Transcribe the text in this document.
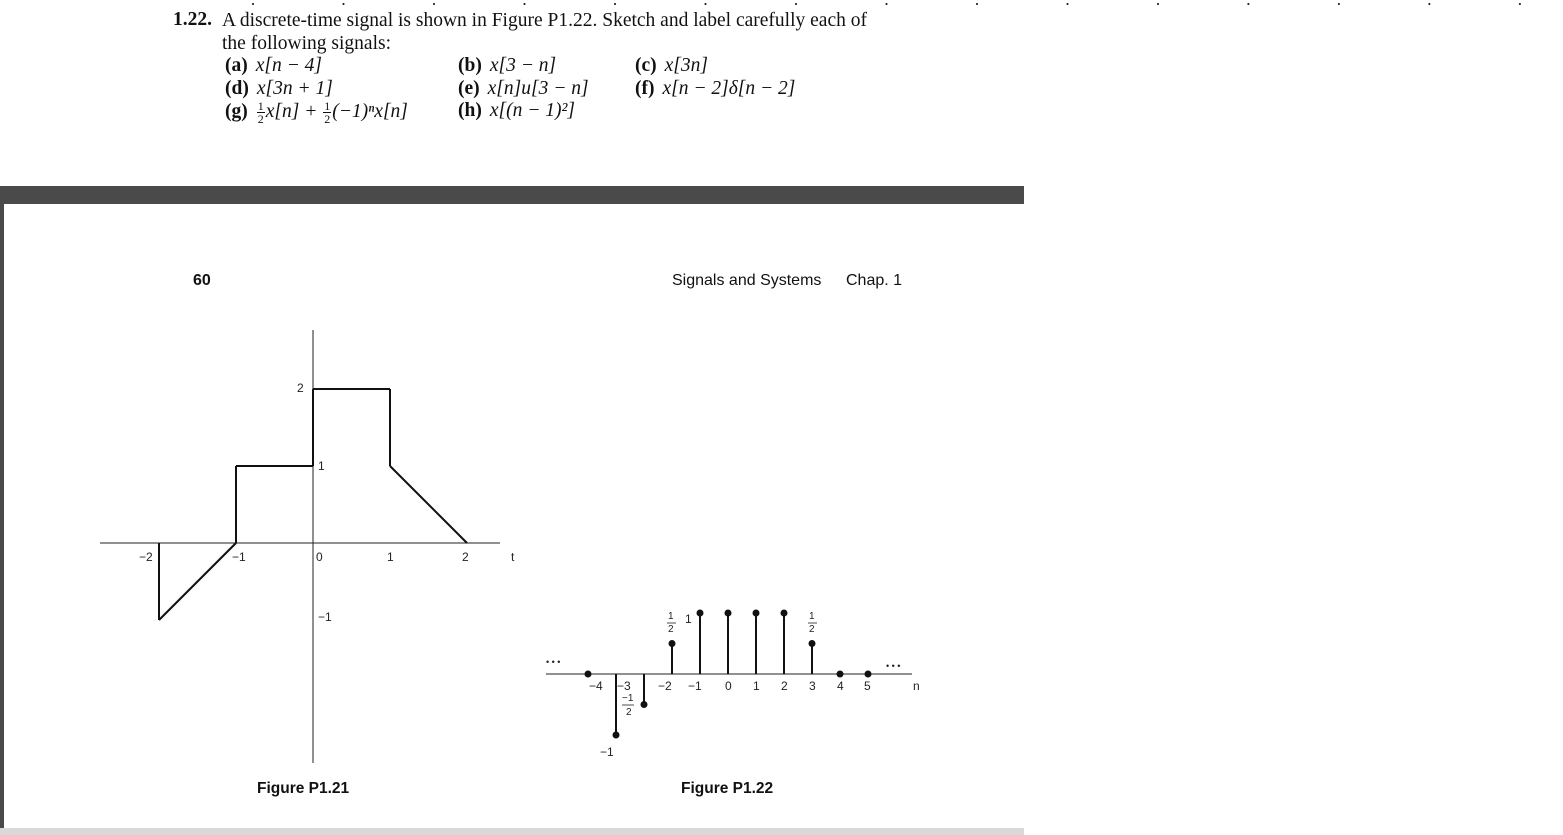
· · · · · · · · · · · · · · ·
1.22. A discrete-time signal is shown in Figure P1.22. Sketch and label carefully each of
the following signals:
(a) x[n − 4]	(b) x[3 − n]	(c) x[3n]
(d) x[3n + 1]	(e) x[n]u[3 − n] (f) x[n − 2]δ[n − 2]
$(g) \frac{1}{2} x[n] + \frac{1}{2} (-1)^nx[n]$	(h) x[(n − 1)²]
60	Signals and Systems Chap. 1
−2	−1	0	1	2	t
2
1
−1
• • •	• • •
−4 −3 −2 −1 0 1 2 3 4 5	n
1
1
2
1
2
−1
2
−1
Figure P1.21	Figure P1.22
